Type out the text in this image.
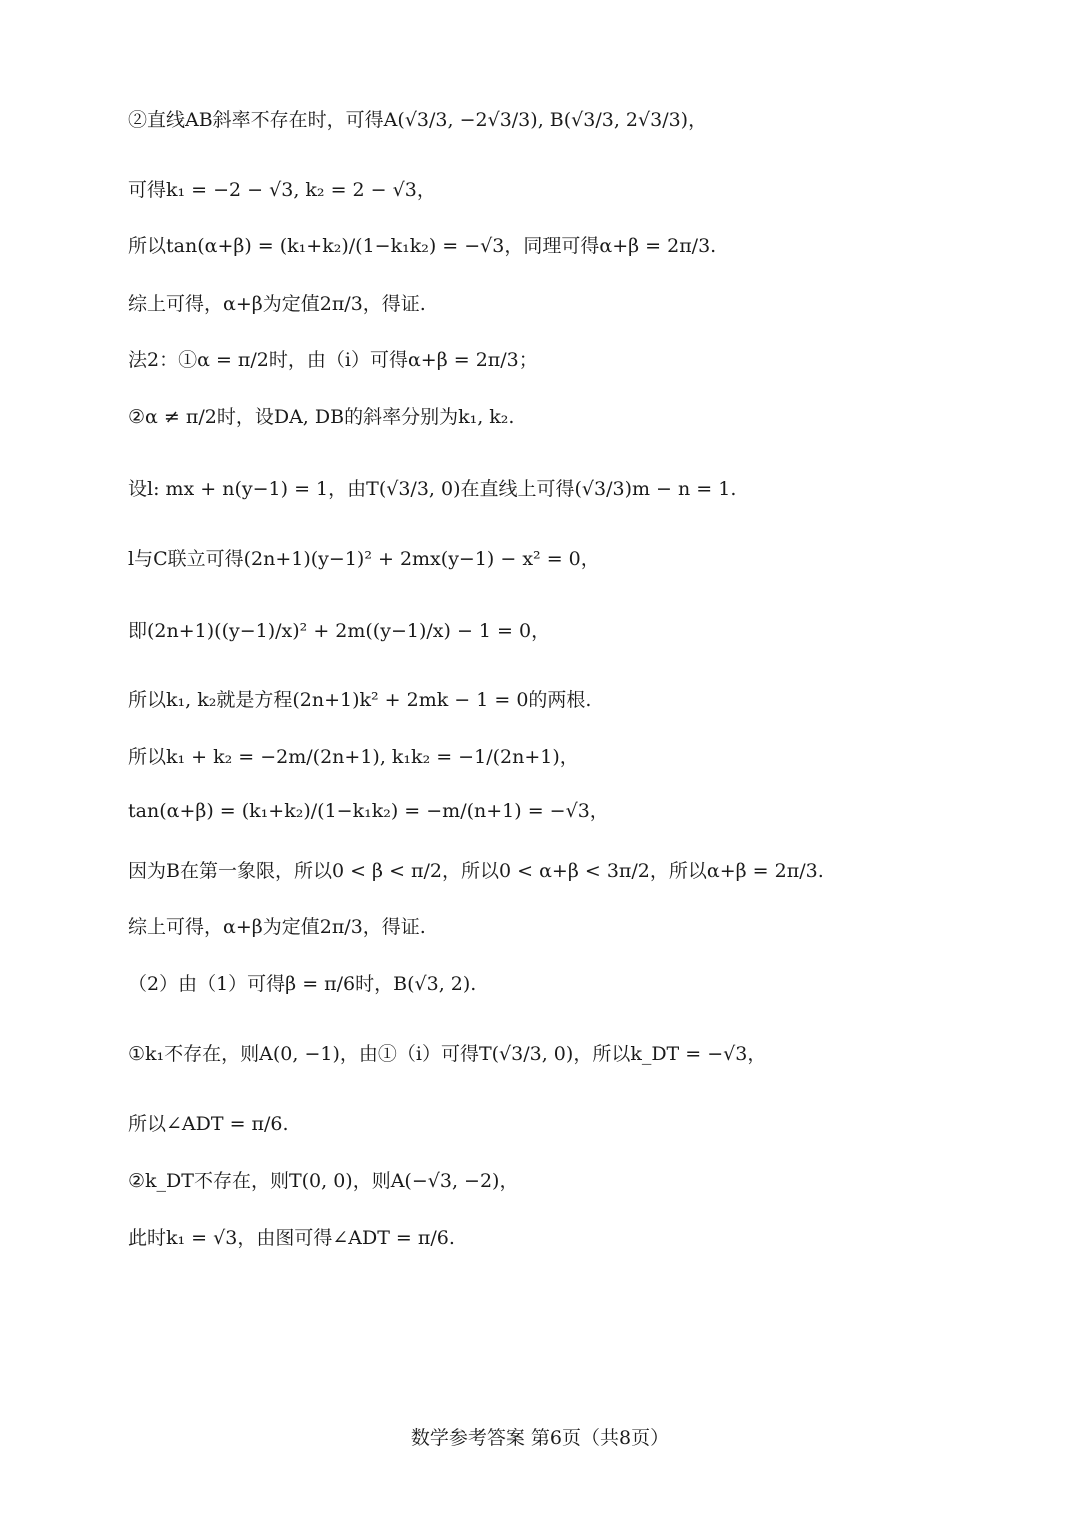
②直线AB斜率不存在时，可得A(√3/3, −2√3/3), B(√3/3, 2√3/3)，
可得k₁ = −2 − √3, k₂ = 2 − √3，
所以tan(α+β) = (k₁+k₂)/(1−k₁k₂) = −√3，同理可得α+β = 2π/3.
综上可得，α+β为定值2π/3，得证.
法2：①α = π/2时，由（i）可得α+β = 2π/3；
②α ≠ π/2时，设DA, DB的斜率分别为k₁, k₂.
设l: mx + n(y−1) = 1，由T(√3/3, 0)在直线上可得(√3/3)m − n = 1.
l与C联立可得(2n+1)(y−1)² + 2mx(y−1) − x² = 0，
即(2n+1)((y−1)/x)² + 2m((y−1)/x) − 1 = 0，
所以k₁, k₂就是方程(2n+1)k² + 2mk − 1 = 0的两根.
所以k₁ + k₂ = −2m/(2n+1), k₁k₂ = −1/(2n+1)，
tan(α+β) = (k₁+k₂)/(1−k₁k₂) = −m/(n+1) = −√3，
因为B在第一象限，所以0 < β < π/2，所以0 < α+β < 3π/2，所以α+β = 2π/3.
综上可得，α+β为定值2π/3，得证.
（2）由（1）可得β = π/6时，B(√3, 2).
①k₁不存在，则A(0, −1)，由①（i）可得T(√3/3, 0)，所以k_DT = −√3，
所以∠ADT = π/6.
②k_DT不存在，则T(0, 0)，则A(−√3, −2)，
此时k₁ = √3，由图可得∠ADT = π/6.
数学参考答案 第6页（共8页）
